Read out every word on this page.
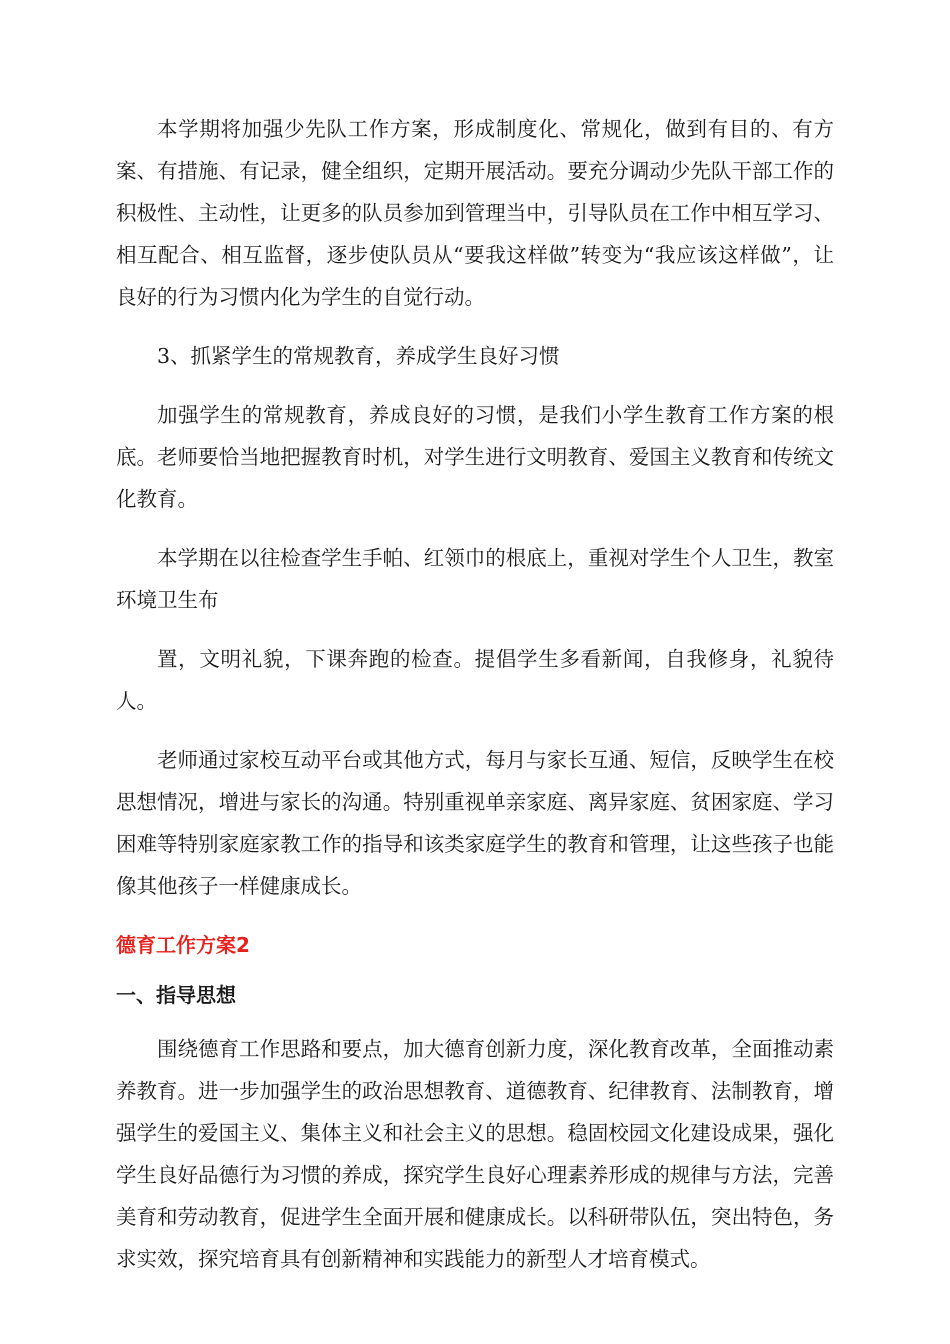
本学期将加强少先队工作方案，形成制度化、常规化，做到有目的、有方案、有措施、有记录，健全组织，定期开展活动。要充分调动少先队干部工作的积极性、主动性，让更多的队员参加到管理当中，引导队员在工作中相互学习、相互配合、相互监督，逐步使队员从“要我这样做”转变为“我应该这样做”，让良好的行为习惯内化为学生的自觉行动。

3、抓紧学生的常规教育，养成学生良好习惯

加强学生的常规教育，养成良好的习惯，是我们小学生教育工作方案的根底。老师要恰当地把握教育时机，对学生进行文明教育、爱国主义教育和传统文化教育。

本学期在以往检查学生手帕、红领巾的根底上，重视对学生个人卫生，教室环境卫生布

置，文明礼貌，下课奔跑的检查。提倡学生多看新闻，自我修身，礼貌待人。

老师通过家校互动平台或其他方式，每月与家长互通、短信，反映学生在校思想情况，增进与家长的沟通。特别重视单亲家庭、离异家庭、贫困家庭、学习困难等特别家庭家教工作的指导和该类家庭学生的教育和管理，让这些孩子也能像其他孩子一样健康成长。

德育工作方案2
一、指导思想

围绕德育工作思路和要点，加大德育创新力度，深化教育改革，全面推动素养教育。进一步加强学生的政治思想教育、道德教育、纪律教育、法制教育，增强学生的爱国主义、集体主义和社会主义的思想。稳固校园文化建设成果，强化学生良好品德行为习惯的养成，探究学生良好心理素养形成的规律与方法，完善美育和劳动教育，促进学生全面开展和健康成长。以科研带队伍，突出特色，务求实效，探究培育具有创新精神和实践能力的新型人才培育模式。
